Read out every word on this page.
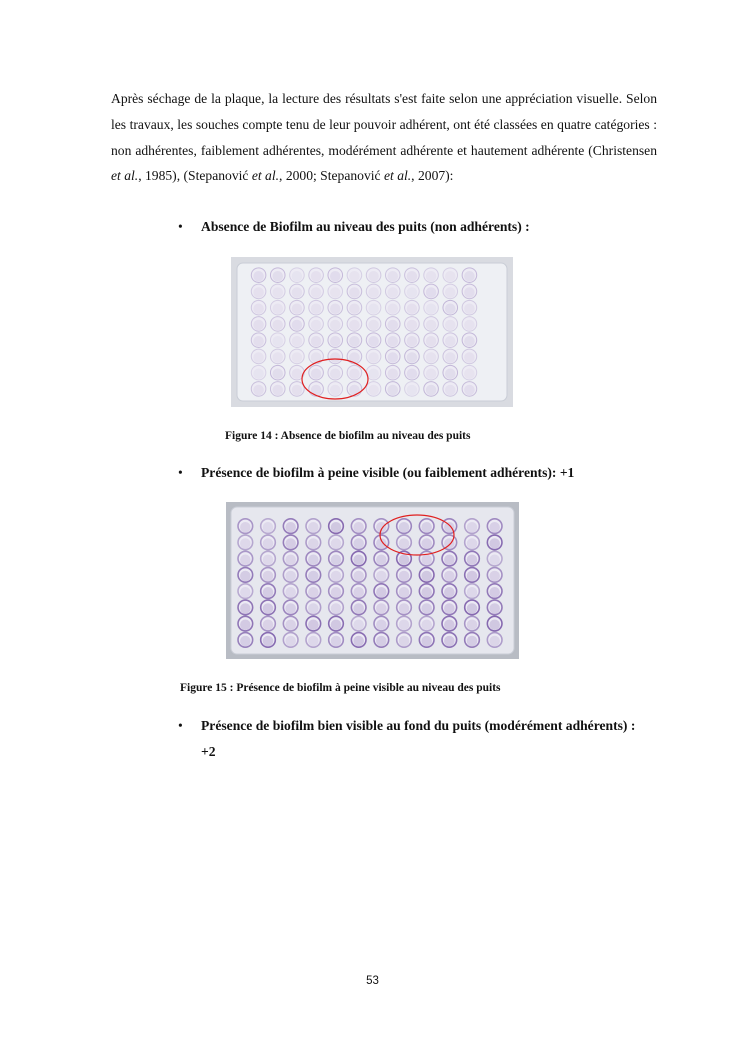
Après séchage de la plaque, la lecture des résultats s'est faite selon une appréciation visuelle. Selon les travaux, les souches compte tenu de leur pouvoir adhérent, ont été classées en quatre catégories : non adhérentes, faiblement adhérentes, modérément adhérente et hautement adhérente (Christensen et al., 1985), (Stepanović et al., 2000; Stepanović et al., 2007):

• Absence de Biofilm au niveau des puits (non adhérents) :
Figure 14 : Absence de biofilm au niveau des puits
• Présence de biofilm à peine visible (ou faiblement adhérents): +1
Figure 15 : Présence de biofilm à peine visible au niveau des puits
• Présence de biofilm bien visible au fond du puits (modérément adhérents) : +2
53
